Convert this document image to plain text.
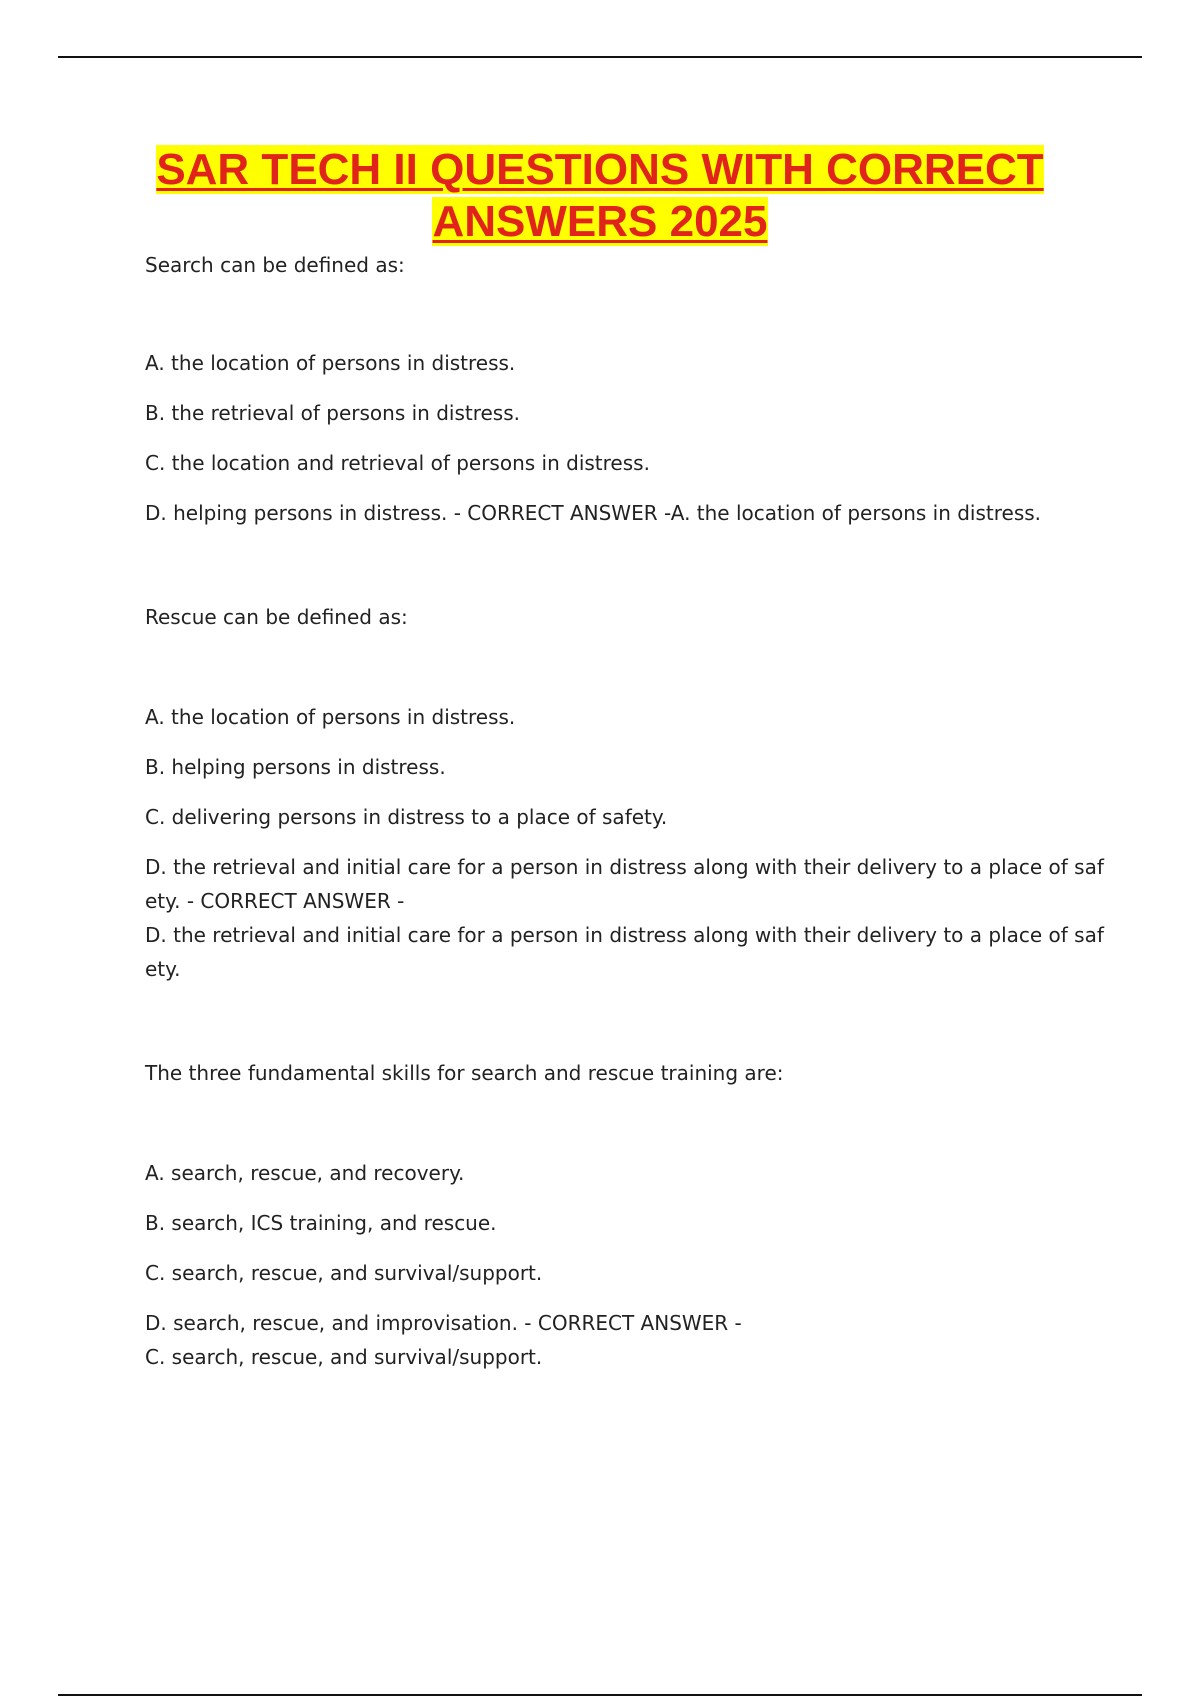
SAR TECH II QUESTIONS WITH CORRECT
ANSWERS 2025
Search can be defined as:
A. the location of persons in distress.
B. the retrieval of persons in distress.
C. the location and retrieval of persons in distress.
D. helping persons in distress. - CORRECT ANSWER -A. the location of persons in distress.
Rescue can be defined as:
A. the location of persons in distress.
B. helping persons in distress.
C. delivering persons in distress to a place of safety.
D. the retrieval and initial care for a person in distress along with their delivery to a place of saf
ety. - CORRECT ANSWER -
D. the retrieval and initial care for a person in distress along with their delivery to a place of saf
ety.
The three fundamental skills for search and rescue training are:
A. search, rescue, and recovery.
B. search, ICS training, and rescue.
C. search, rescue, and survival/support.
D. search, rescue, and improvisation. - CORRECT ANSWER -
C. search, rescue, and survival/support.
